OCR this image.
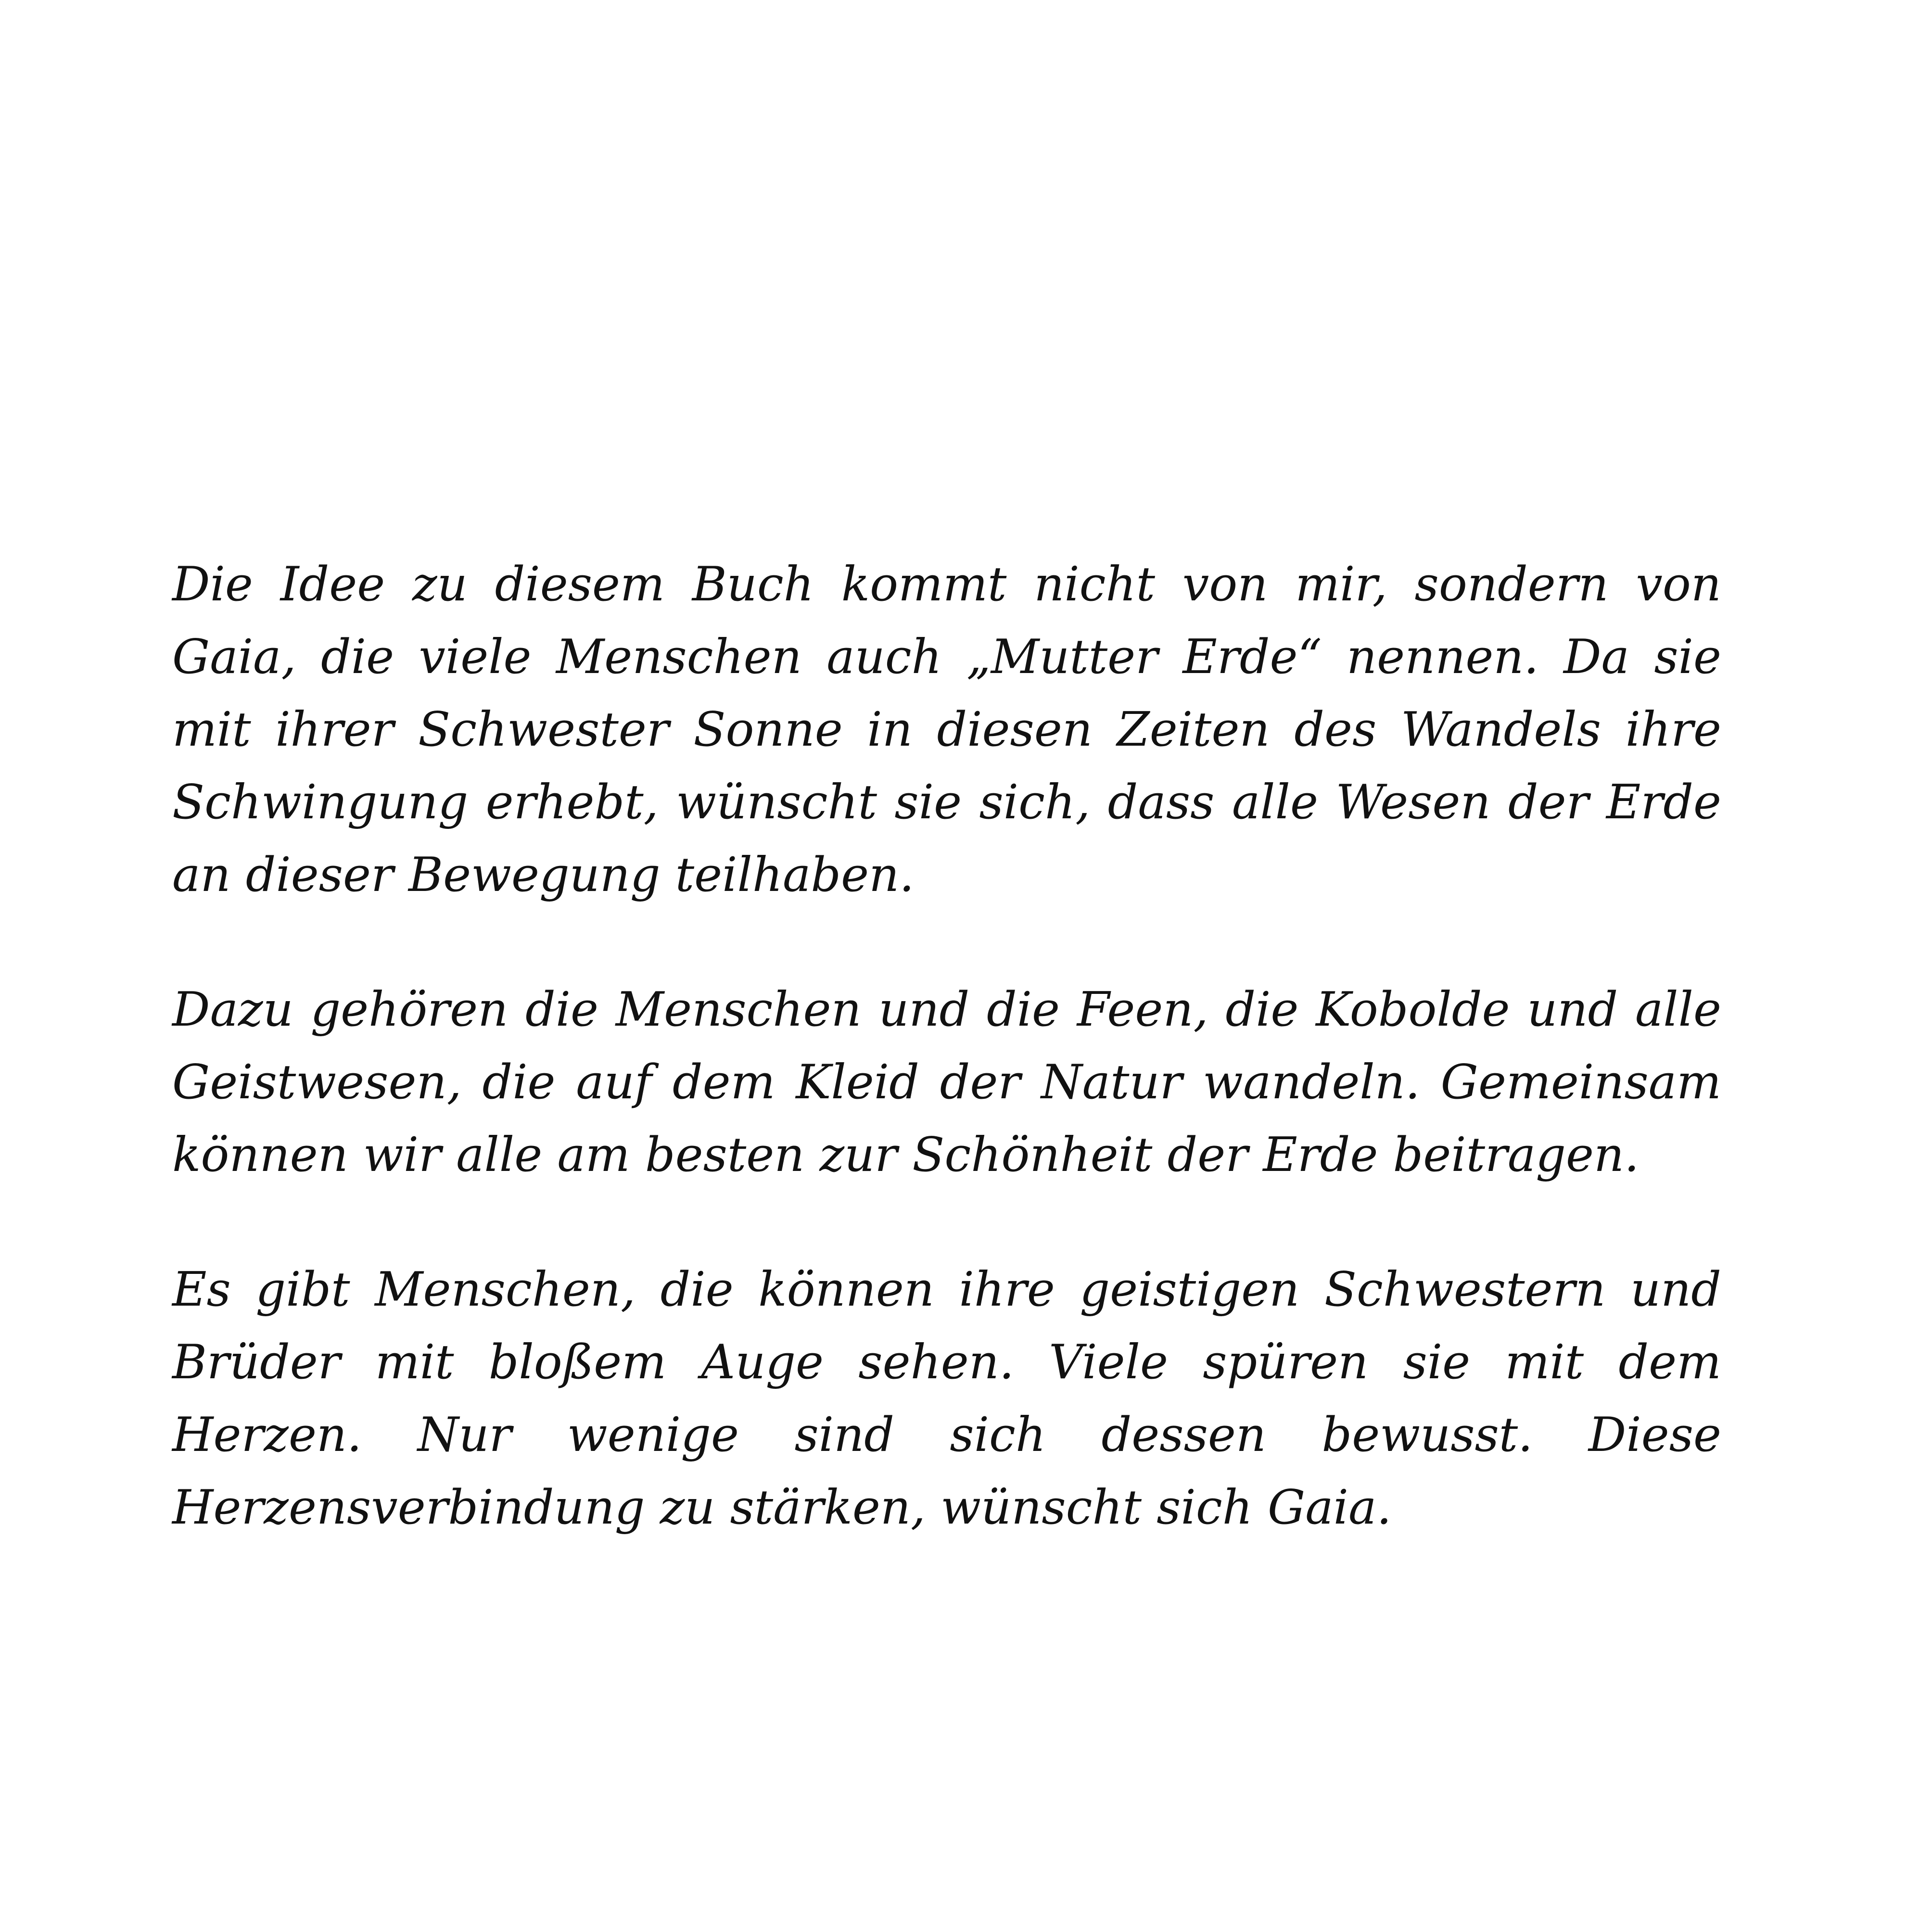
Die Idee zu diesem Buch kommt nicht von mir, sondern von Gaia, die viele Menschen auch „Mutter Erde“ nennen. Da sie mit ihrer Schwester Sonne in diesen Zeiten des Wandels ihre Schwingung erhebt, wünscht sie sich, dass alle Wesen der Erde an dieser Bewegung teilhaben.

Dazu gehören die Menschen und die Feen, die Kobolde und alle Geistwesen, die auf dem Kleid der Natur wandeln. Gemeinsam können wir alle am besten zur Schönheit der Erde beitragen.

Es gibt Menschen, die können ihre geistigen Schwestern und Brüder mit bloßem Auge sehen. Viele spüren sie mit dem Herzen. Nur wenige sind sich dessen bewusst. Diese Herzensverbindung zu stärken, wünscht sich Gaia.
